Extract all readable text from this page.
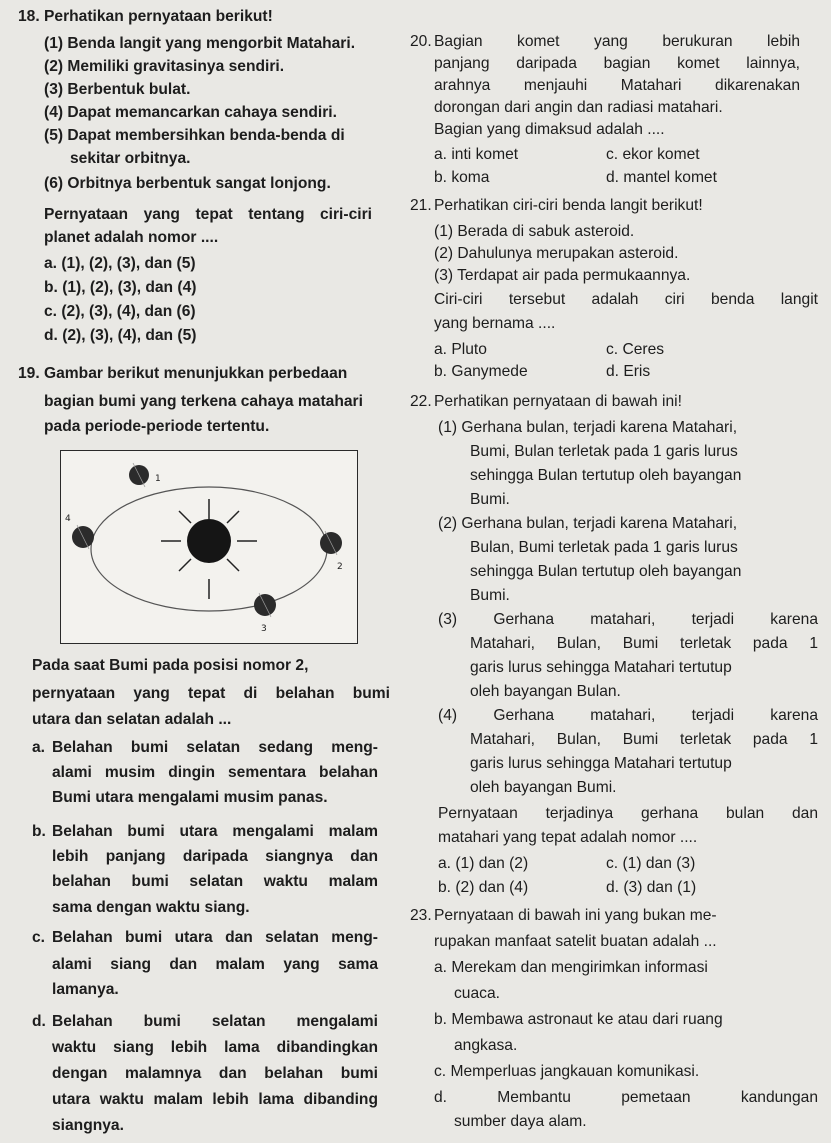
18. Perhatikan pernyataan berikut!
(1) Benda langit yang mengorbit Matahari.
(2) Memiliki gravitasinya sendiri.
(3) Berbentuk bulat.
(4) Dapat memancarkan cahaya sendiri.
(5) Dapat membersihkan benda-benda di
sekitar orbitnya.
(6) Orbitnya berbentuk sangat lonjong.
Pernyataan yang tepat tentang ciri-ciri
planet adalah nomor ....
a. (1), (2), (3), dan (5)
b. (1), (2), (3), dan (4)
c. (2), (3), (4), dan (6)
d. (2), (3), (4), dan (5)
19. Gambar berikut menunjukkan perbedaan
bagian bumi yang terkena cahaya matahari
pada periode-periode tertentu.
1
2
3
4
Pada saat Bumi pada posisi nomor 2,
pernyataan yang tepat di belahan bumi
utara dan selatan adalah ...
a. Belahan bumi selatan sedang meng-
alami musim dingin sementara belahan
Bumi utara mengalami musim panas.
b. Belahan bumi utara mengalami malam
lebih panjang daripada siangnya dan
belahan bumi selatan waktu malam
sama dengan waktu siang.
c. Belahan bumi utara dan selatan meng-
alami siang dan malam yang sama
lamanya.
d. Belahan bumi selatan mengalami
waktu siang lebih lama dibandingkan
dengan malamnya dan belahan bumi
utara waktu malam lebih lama dibanding
siangnya.
20. Bagian komet yang berukuran lebih
panjang daripada bagian komet lainnya,
arahnya menjauhi Matahari dikarenakan
dorongan dari angin dan radiasi matahari.
Bagian yang dimaksud adalah ....
a. inti komet	c. ekor komet
b. koma	d. mantel komet
21. Perhatikan ciri-ciri benda langit berikut!
(1) Berada di sabuk asteroid.
(2) Dahulunya merupakan asteroid.
(3) Terdapat air pada permukaannya.
Ciri-ciri tersebut adalah ciri benda langit
yang bernama ....
a. Pluto	c. Ceres
b. Ganymede	d. Eris
22. Perhatikan pernyataan di bawah ini!
(1) Gerhana bulan, terjadi karena Matahari,
Bumi, Bulan terletak pada 1 garis lurus
sehingga Bulan tertutup oleh bayangan
Bumi.
(2) Gerhana bulan, terjadi karena Matahari,
Bulan, Bumi terletak pada 1 garis lurus
sehingga Bulan tertutup oleh bayangan
Bumi.
(3) Gerhana matahari, terjadi karena
Matahari, Bulan, Bumi terletak pada 1
garis lurus sehingga Matahari tertutup
oleh bayangan Bulan.
(4) Gerhana matahari, terjadi karena
Matahari, Bulan, Bumi terletak pada 1
garis lurus sehingga Matahari tertutup
oleh bayangan Bumi.
Pernyataan terjadinya gerhana bulan dan
matahari yang tepat adalah nomor ....
a. (1) dan (2)	c. (1) dan (3)
b. (2) dan (4)	d. (3) dan (1)
23. Pernyataan di bawah ini yang bukan me-
rupakan manfaat satelit buatan adalah ...
a. Merekam dan mengirimkan informasi
cuaca.
b. Membawa astronaut ke atau dari ruang
angkasa.
c. Memperluas jangkauan komunikasi.
d. Membantu pemetaan kandungan
sumber daya alam.
